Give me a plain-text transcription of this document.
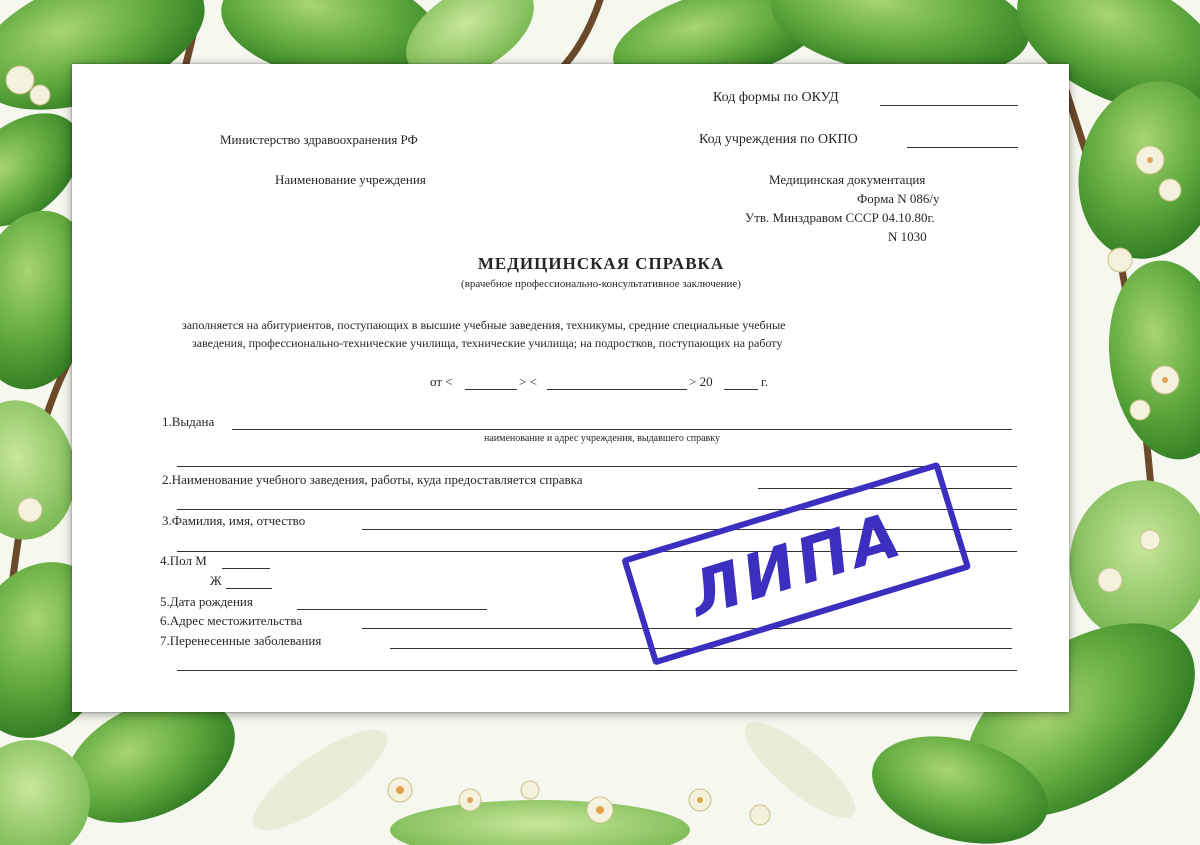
Код формы по ОКУД
Министерство здравоохранения РФ	Код учреждения по ОКПО
Наименование учреждения	Медицинская документация
Форма N 086/у
Утв. Минздравом СССР 04.10.80г.
N 1030
МЕДИЦИНСКАЯ СПРАВКА
(врачебное профессионально-консультативное заключение)
заполняется на абитуриентов, поступающих в высшие учебные заведения, техникумы, средние специальные учебные
заведения, профессионально-технические училища, технические училища; на подростков, поступающих на работу
от <	> <	> 20	г.
1.Выдана
наименование и адрес учреждения, выдавшего справку
2.Наименование учебного заведения, работы, куда предоставляется справка
3.Фамилия, имя, отчество
4.Пол М
Ж
5.Дата рождения
6.Адрес местожительства
7.Перенесенные заболевания
ЛИПА
